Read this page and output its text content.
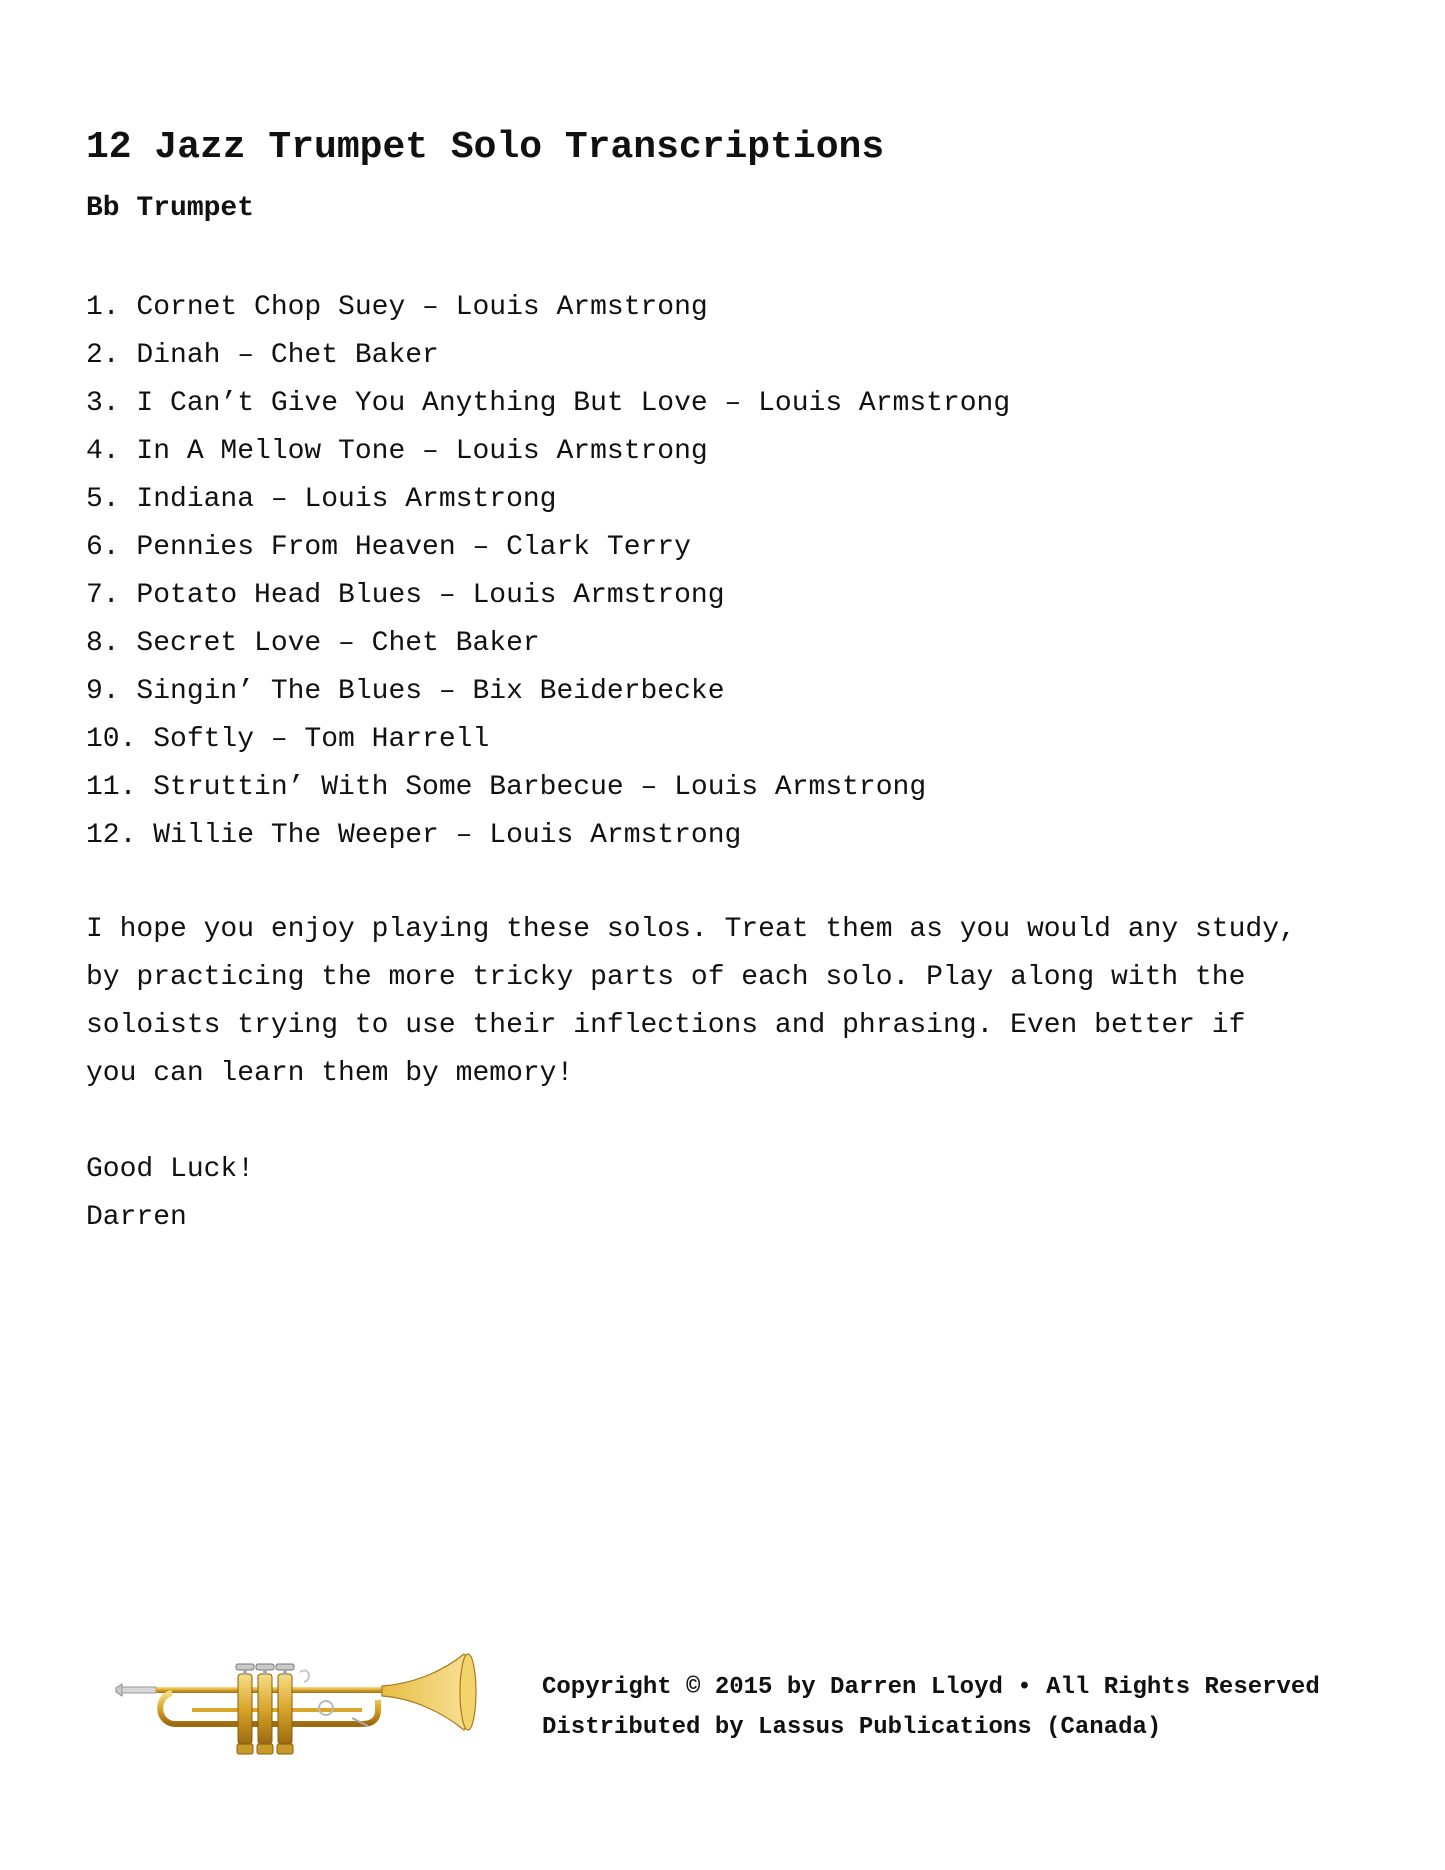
12 Jazz Trumpet Solo Transcriptions
Bb Trumpet
1. Cornet Chop Suey – Louis Armstrong
2. Dinah – Chet Baker
3. I Can’t Give You Anything But Love – Louis Armstrong
4. In A Mellow Tone – Louis Armstrong
5. Indiana – Louis Armstrong
6. Pennies From Heaven – Clark Terry
7. Potato Head Blues – Louis Armstrong
8. Secret Love – Chet Baker
9. Singin’ The Blues – Bix Beiderbecke
10. Softly – Tom Harrell
11. Struttin’ With Some Barbecue – Louis Armstrong
12. Willie The Weeper – Louis Armstrong

I hope you enjoy playing these solos. Treat them as you would any study,
by practicing the more tricky parts of each solo. Play along with the
soloists trying to use their inflections and phrasing. Even better if
you can learn them by memory!

Good Luck!
Darren
Copyright © 2015 by Darren Lloyd • All Rights Reserved
Distributed by Lassus Publications (Canada)
